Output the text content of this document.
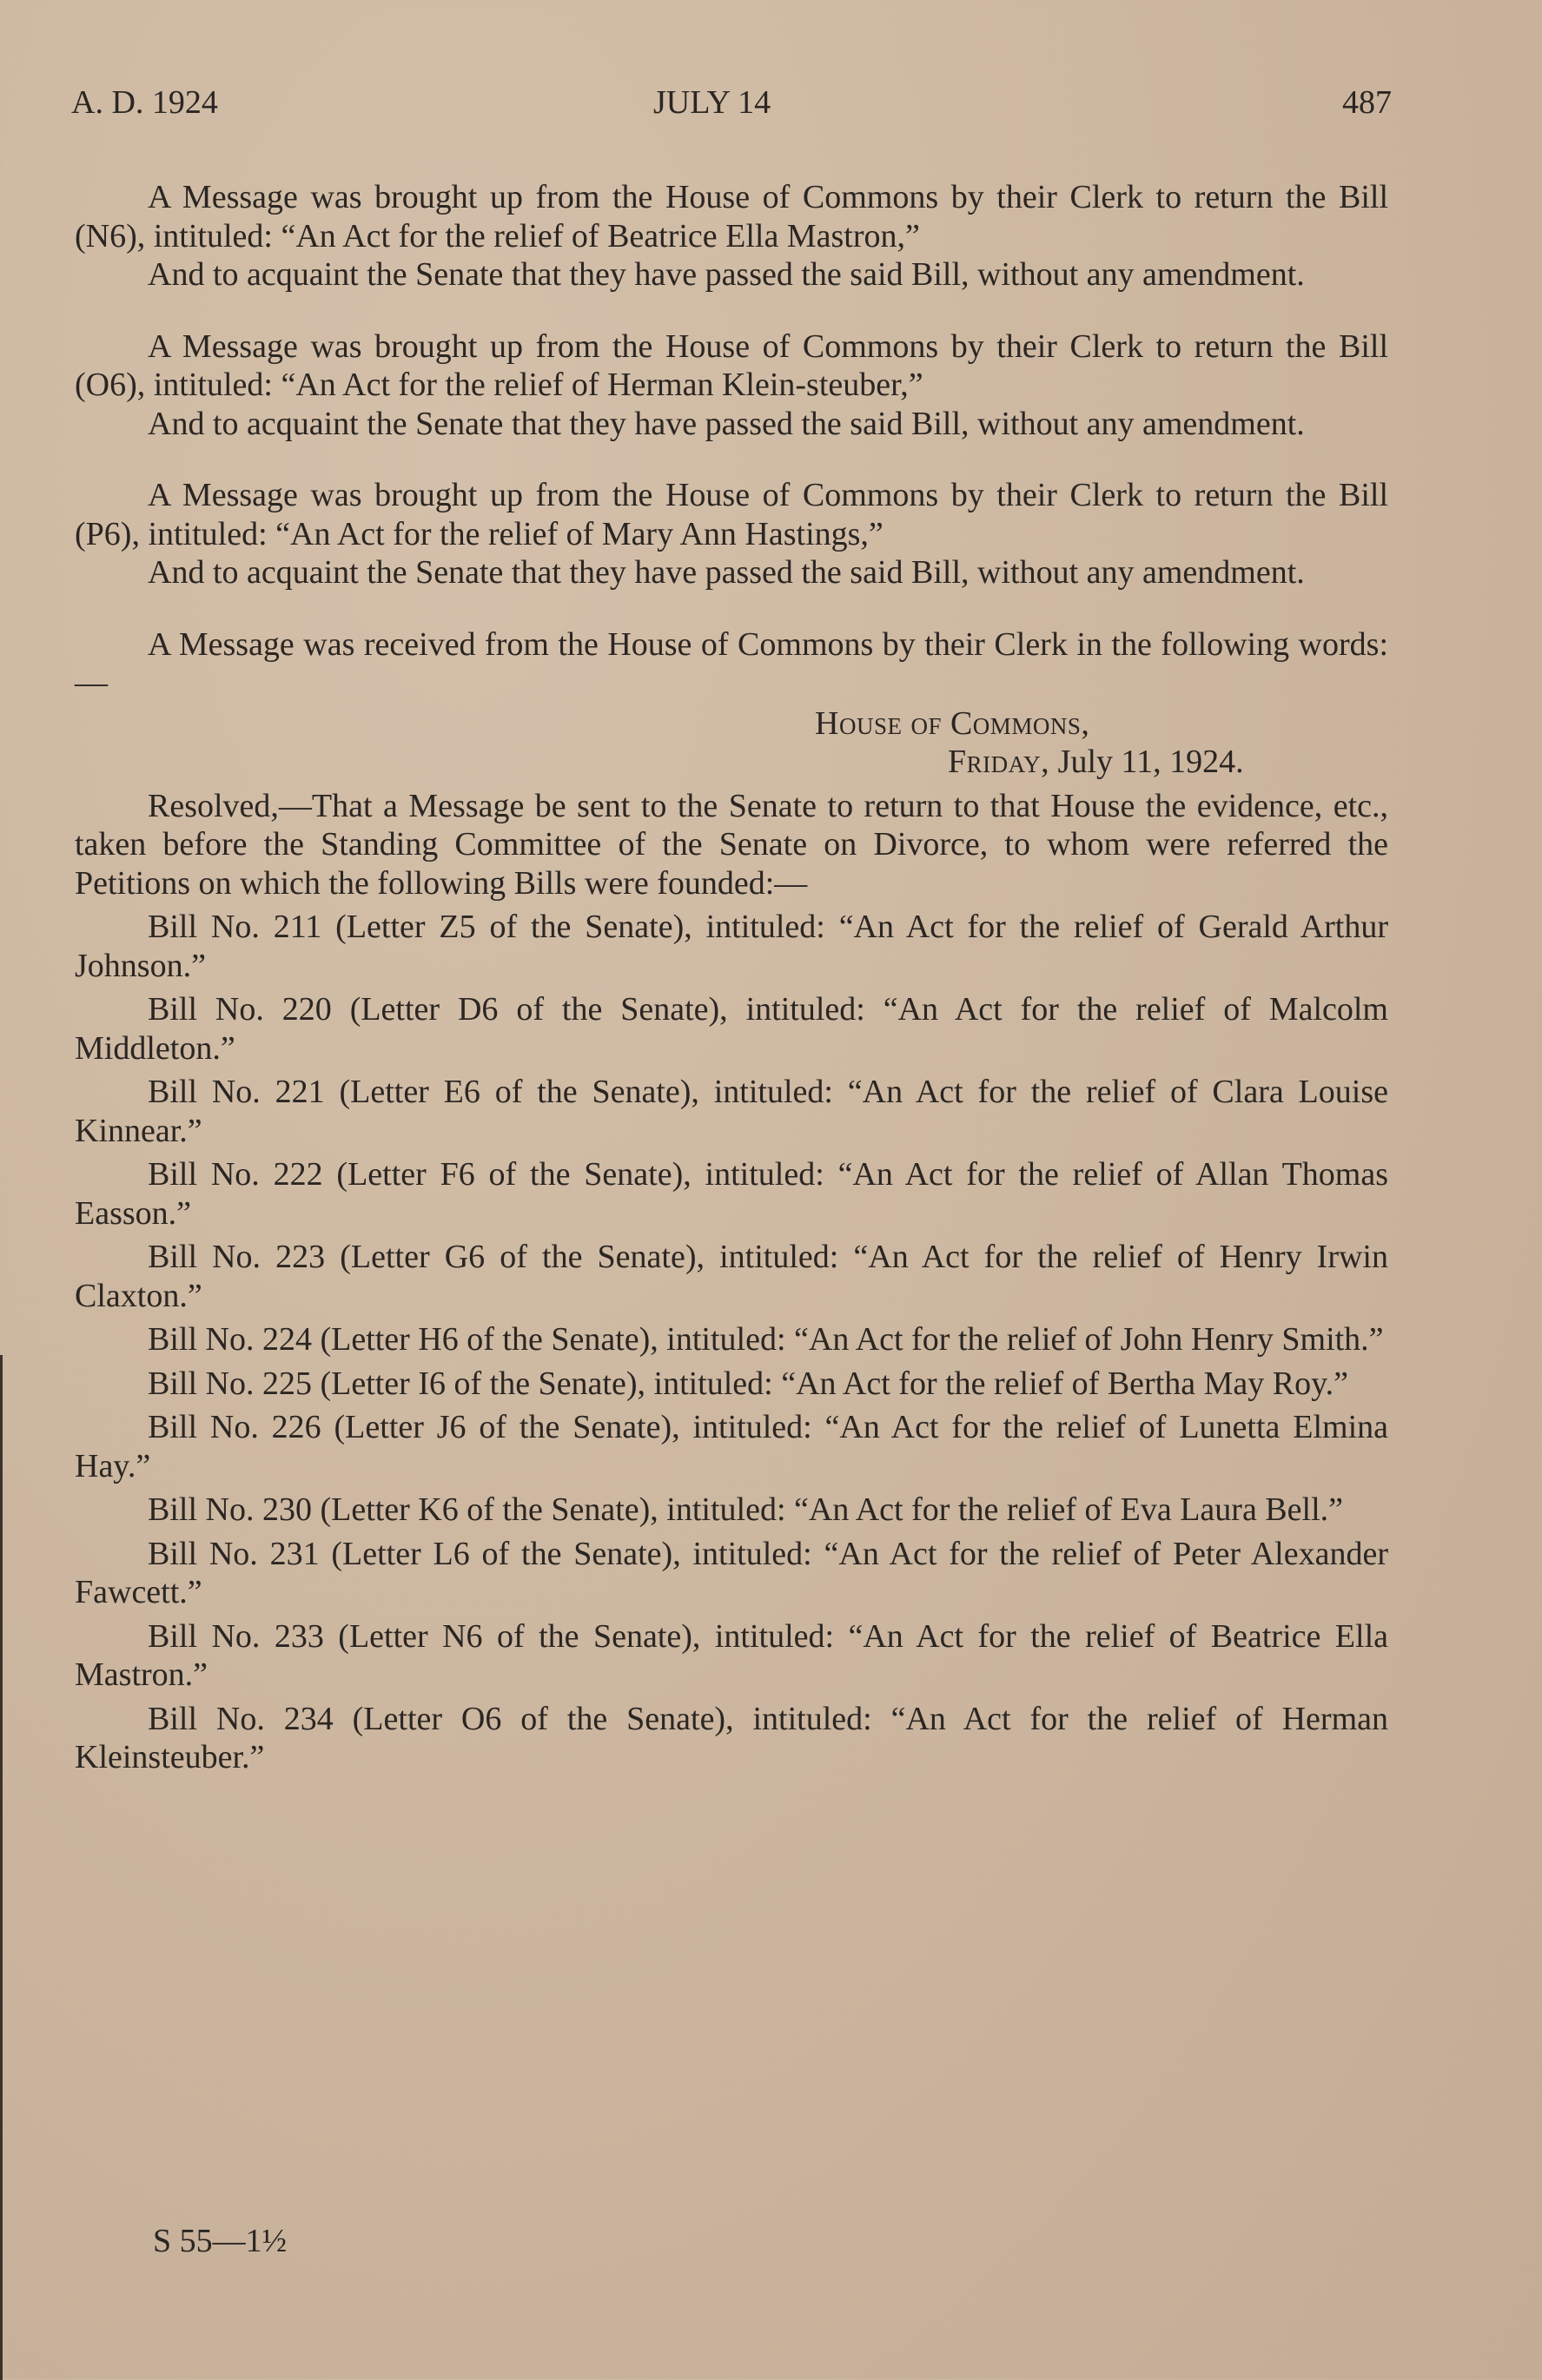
A. D. 1924	JULY 14	487

A Message was brought up from the House of Commons by their Clerk to return the Bill (N6), intituled: “An Act for the relief of Beatrice Ella Mastron,”

And to acquaint the Senate that they have passed the said Bill, without any amendment.

A Message was brought up from the House of Commons by their Clerk to return the Bill (O6), intituled: “An Act for the relief of Herman Klein-steuber,”

And to acquaint the Senate that they have passed the said Bill, without any amendment.

A Message was brought up from the House of Commons by their Clerk to return the Bill (P6), intituled: “An Act for the relief of Mary Ann Hastings,”

And to acquaint the Senate that they have passed the said Bill, without any amendment.

A Message was received from the House of Commons by their Clerk in the following words:—

House of Commons,

Friday, July 11, 1924.

Resolved,—That a Message be sent to the Senate to return to that House the evidence, etc., taken before the Standing Committee of the Senate on Divorce, to whom were referred the Petitions on which the following Bills were founded:—

Bill No. 211 (Letter Z5 of the Senate), intituled: “An Act for the relief of Gerald Arthur Johnson.”

Bill No. 220 (Letter D6 of the Senate), intituled: “An Act for the relief of Malcolm Middleton.”

Bill No. 221 (Letter E6 of the Senate), intituled: “An Act for the relief of Clara Louise Kinnear.”

Bill No. 222 (Letter F6 of the Senate), intituled: “An Act for the relief of Allan Thomas Easson.”

Bill No. 223 (Letter G6 of the Senate), intituled: “An Act for the relief of Henry Irwin Claxton.”

Bill No. 224 (Letter H6 of the Senate), intituled: “An Act for the relief of John Henry Smith.”

Bill No. 225 (Letter I6 of the Senate), intituled: “An Act for the relief of Bertha May Roy.”

Bill No. 226 (Letter J6 of the Senate), intituled: “An Act for the relief of Lunetta Elmina Hay.”

Bill No. 230 (Letter K6 of the Senate), intituled: “An Act for the relief of Eva Laura Bell.”

Bill No. 231 (Letter L6 of the Senate), intituled: “An Act for the relief of Peter Alexander Fawcett.”

Bill No. 233 (Letter N6 of the Senate), intituled: “An Act for the relief of Beatrice Ella Mastron.”

Bill No. 234 (Letter O6 of the Senate), intituled: “An Act for the relief of Herman Kleinsteuber.”

S 55—1½
